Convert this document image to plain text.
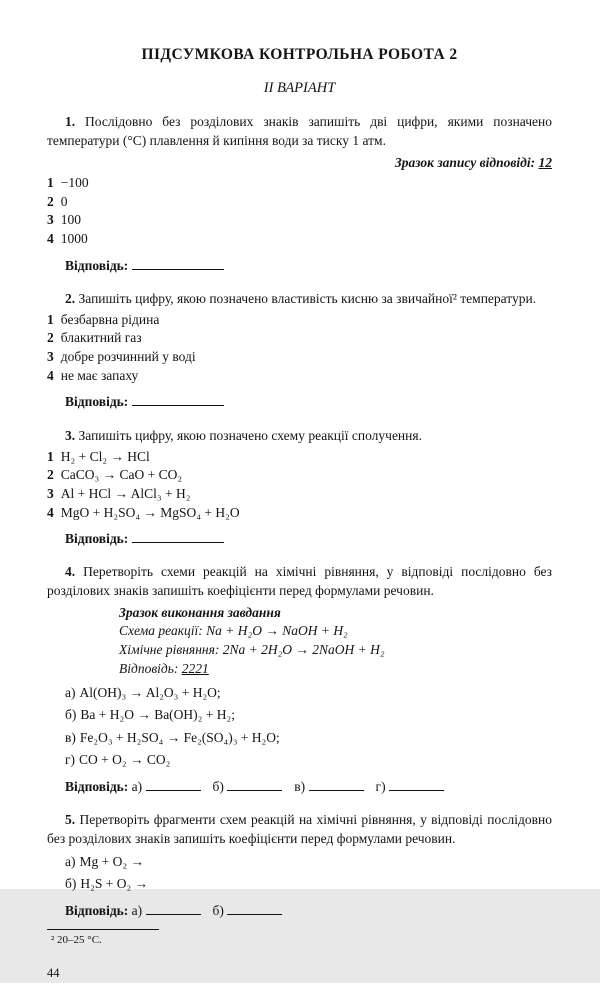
ПІДСУМКОВА КОНТРОЛЬНА РОБОТА 2
II ВАРІАНТ

1. Послідовно без розділових знаків запишіть дві цифри, якими позначено температури (°С) плавлення й кипіння води за тиску 1 атм.

Зразок запису відповіді: 12

1 −100
2 0
3 100
4 1000

Відповідь:

2. Запишіть цифру, якою позначено властивість кисню за звичайної² температури.

1 безбарвна рідина
2 блакитний газ
3 добре розчинний у воді
4 не має запаху

Відповідь:

3. Запишіть цифру, якою позначено схему реакції сполучення.

1 H₂ + Cl₂ → HCl
2 CaCO₃ → CaO + CO₂
3 Al + HCl → AlCl₃ + H₂
4 MgO + H₂SO₄ → MgSO₄ + H₂O

Відповідь:

4. Перетворіть схеми реакцій на хімічні рівняння, у відповіді послідовно без розділових знаків запишіть коефіцієнти перед формулами речовин.

Зразок виконання завдання
Схема реакції: Na + H₂O → NaOH + H₂
Хімічне рівняння: 2Na + 2H₂O → 2NaOH + H₂
Відповідь: 2221
а) Al(OH)₃ → Al₂O₃ + H₂O;
б) Ba + H₂O → Ba(OH)₂ + H₂;
в) Fe₂O₃ + H₂SO₄ → Fe₂(SO₄)₃ + H₂O;
г) CO + O₂ → CO₂

Відповідь: а)	б)	в)	г)

5. Перетворіть фрагменти схем реакцій на хімічні рівняння, у відповіді послідовно без розділових знаків запишіть коефіцієнти перед формулами речовин.

а) Mg + O₂ →
б) H₂S + O₂ →

Відповідь: а)	б)

² 20–25 °С.
44
